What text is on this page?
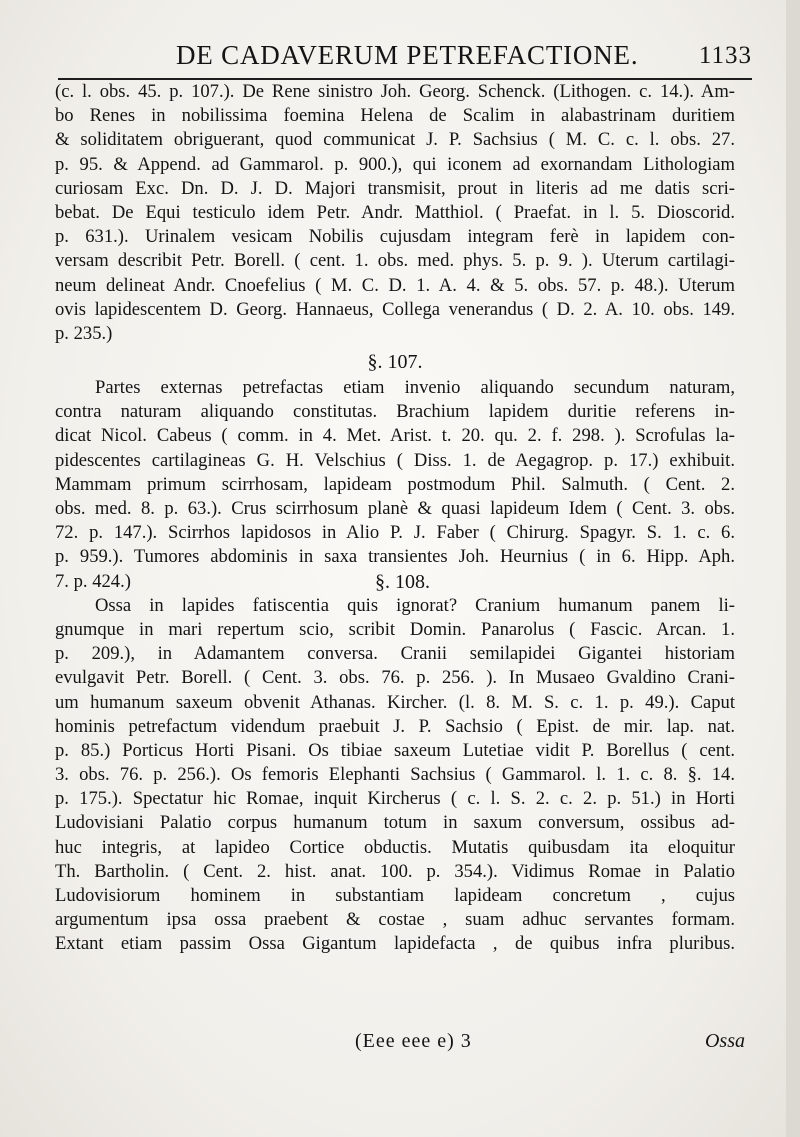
DE CADAVERUM PETREFACTIONE. 1133
(c. l. obs. 45. p. 107.). De Rene sinistro Joh. Georg. Schenck. (Lithogen. c. 14.). Am-
bo Renes in nobilissima foemina Helena de Scalim in alabastrinam duritiem
& soliditatem obriguerant, quod communicat J. P. Sachsius ( M. C. c. l. obs. 27.
p. 95. & Append. ad Gammarol. p. 900.), qui iconem ad exornandam Lithologiam
curiosam Exc. Dn. D. J. D. Majori transmisit, prout in literis ad me datis scri-
bebat. De Equi testiculo idem Petr. Andr. Matthiol. ( Praefat. in l. 5. Dioscorid.
p. 631.). Urinalem vesicam Nobilis cujusdam integram ferè in lapidem con-
versam describit Petr. Borell. ( cent. 1. obs. med. phys. 5. p. 9. ). Uterum cartilagi-
neum delineat Andr. Cnoefelius ( M. C. D. 1. A. 4. & 5. obs. 57. p. 48.). Uterum
ovis lapidescentem D. Georg. Hannaeus, Collega venerandus ( D. 2. A. 10. obs. 149.
p. 235.)
§. 107.
Partes externas petrefactas etiam invenio aliquando secundum naturam,
contra naturam aliquando constitutas. Brachium lapidem duritie referens in-
dicat Nicol. Cabeus ( comm. in 4. Met. Arist. t. 20. qu. 2. f. 298. ). Scrofulas la-
pidescentes cartilagineas G. H. Velschius ( Diss. 1. de Aegagrop. p. 17.) exhibuit.
Mammam primum scirrhosam, lapideam postmodum Phil. Salmuth. ( Cent. 2.
obs. med. 8. p. 63.). Crus scirrhosum planè & quasi lapideum Idem ( Cent. 3. obs.
72. p. 147.). Scirrhos lapidosos in Alio P. J. Faber ( Chirurg. Spagyr. S. 1. c. 6.
p. 959.). Tumores abdominis in saxa transientes Joh. Heurnius ( in 6. Hipp. Aph.
7. p. 424.)	§. 108.
Ossa in lapides fatiscentia quis ignorat? Cranium humanum panem li-
gnumque in mari repertum scio, scribit Domin. Panarolus ( Fascic. Arcan. 1.
p. 209.), in Adamantem conversa. Cranii semilapidei Gigantei historiam
evulgavit Petr. Borell. ( Cent. 3. obs. 76. p. 256. ). In Musaeo Gvaldino Crani-
um humanum saxeum obvenit Athanas. Kircher. (l. 8. M. S. c. 1. p. 49.). Caput
hominis petrefactum videndum praebuit J. P. Sachsio ( Epist. de mir. lap. nat.
p. 85.) Porticus Horti Pisani. Os tibiae saxeum Lutetiae vidit P. Borellus ( cent.
3. obs. 76. p. 256.). Os femoris Elephanti Sachsius ( Gammarol. l. 1. c. 8. §. 14.
p. 175.). Spectatur hic Romae, inquit Kircherus ( c. l. S. 2. c. 2. p. 51.) in Horti
Ludovisiani Palatio corpus humanum totum in saxum conversum, ossibus ad-
huc integris, at lapideo Cortice obductis. Mutatis quibusdam ita eloquitur
Th. Bartholin. ( Cent. 2. hist. anat. 100. p. 354.). Vidimus Romae in Palatio
Ludovisiorum hominem in substantiam lapideam concretum , cujus
argumentum ipsa ossa praebent & costae , suam adhuc servantes formam.
Extant etiam passim Ossa Gigantum lapidefacta , de quibus infra pluribus.
(Eee eee e) 3	Ossa
